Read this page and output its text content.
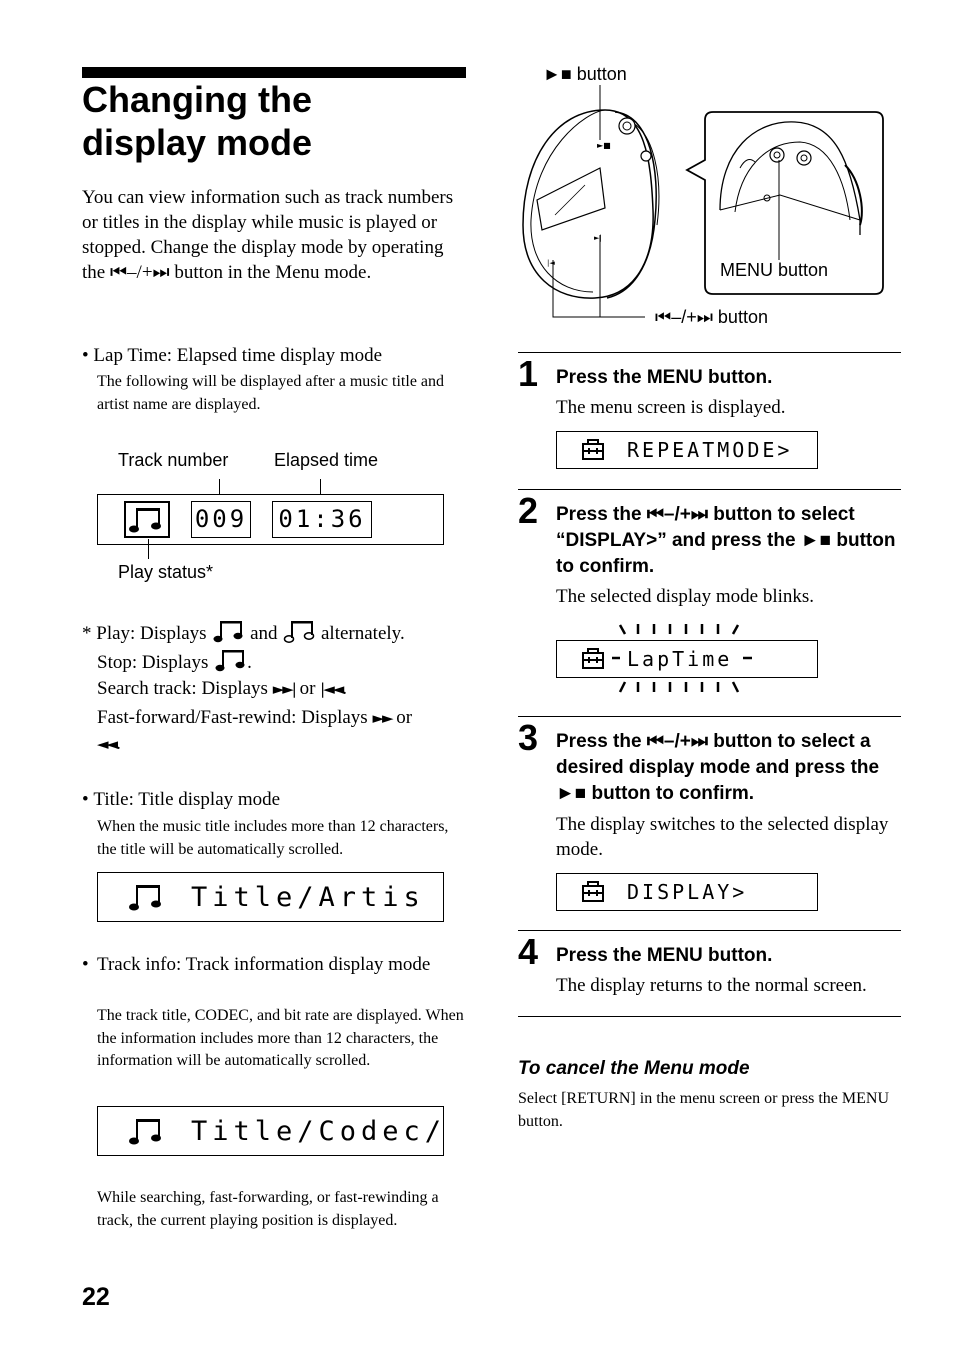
Changing the
display mode
You can view information such as track numbers or titles in the display while music is played or stopped. Change the display mode by operating the ⏮–/+⏭ button in the Menu mode.
• Lap Time: Elapsed time display mode
The following will be displayed after a music title and artist name are displayed.
Track number	Elapsed time
009 01:36
Play status*
* Play: Displays and alternately.
Stop: Displays .
Search track: Displays ►►| or |◄◄.
Fast-forward/Fast-rewind: Displays ►► or
◄◄.
• Title: Title display mode
When the music title includes more than 12 characters, the title will be automatically scrolled.
Title/Artis
• Track info: Track information display mode
The track title, CODEC, and bit rate are displayed. When the information includes more than 12 characters, the information will be automatically scrolled.
Title/Codec/
While searching, fast-forwarding, or fast-rewinding a track, the current playing position is displayed.
22
►■
►|
|◄
►■ button
MENU button
⏮–/+⏭ button
1 Press the MENU button.
The menu screen is displayed.
REPEATMODE>
2 Press the ⏮–/+⏭ button to select “DISPLAY>” and press the ►■ button to confirm.
The selected display mode blinks.
LapTime
3 Press the ⏮–/+⏭ button to select a desired display mode and press the ►■ button to confirm.
The display switches to the selected display mode.
DISPLAY>
4 Press the MENU button.
The display returns to the normal screen.
To cancel the Menu mode
Select [RETURN] in the menu screen or press the MENU button.
